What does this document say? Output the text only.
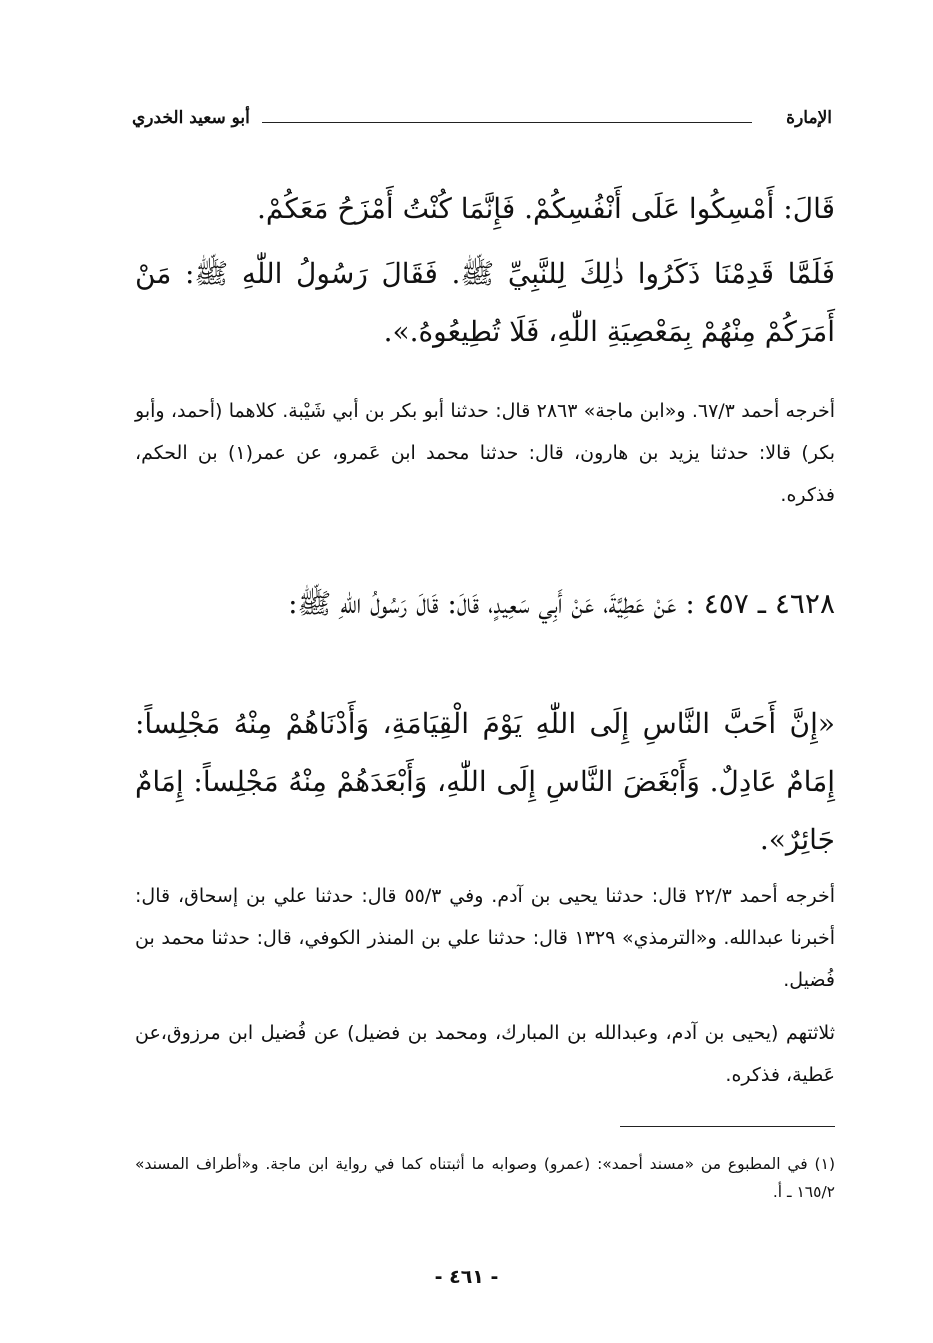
الإمارة
أبو سعيد الخدري
قَالَ: أَمْسِكُوا عَلَى أَنْفُسِكُمْ. فَإِنَّمَا كُنْتُ أَمْزَحُ مَعَكُمْ.
فَلَمَّا قَدِمْنَا ذَكَرُوا ذٰلِكَ لِلنَّبِيِّ ﷺ. فَقَالَ رَسُولُ اللّٰهِ ﷺ: مَنْ أَمَرَكُمْ مِنْهُمْ بِمَعْصِيَةِ اللّٰهِ، فَلَا تُطِيعُوهُ.».
أخرجه أحمد ٦٧/٣. و«ابن ماجة» ٢٨٦٣ قال: حدثنا أبو بكر بن أبي شَيْبة. كلاهما (أحمد، وأبو بكر) قالا: حدثنا يزيد بن هارون، قال: حدثنا محمد ابن عَمرو، عن عمر(١) بن الحكم، فذكره.
٤٦٢٨ ـ ٤٥٧ : عَنْ عَطِيَّةَ، عَنْ أَبِي سَعِيدٍ، قَالَ: قَالَ رَسُولُ اللّٰهِ ﷺ:
«إِنَّ أَحَبَّ النَّاسِ إِلَى اللّٰهِ يَوْمَ الْقِيَامَةِ، وَأَدْنَاهُمْ مِنْهُ مَجْلِساً: إِمَامٌ عَادِلٌ. وَأَبْغَضَ النَّاسِ إِلَى اللّٰهِ، وَأَبْعَدَهُمْ مِنْهُ مَجْلِساً: إِمَامٌ جَائِرٌ».
أخرجه أحمد ٢٢/٣ قال: حدثنا يحيى بن آدم. وفي ٥٥/٣ قال: حدثنا علي بن إسحاق، قال: أخبرنا عبدالله. و«الترمذي» ١٣٢٩ قال: حدثنا علي بن المنذر الكوفي، قال: حدثنا محمد بن فُضيل.
ثلاثتهم (يحيى بن آدم، وعبدالله بن المبارك، ومحمد بن فضيل) عن فُضيل ابن مرزوق،عن عَطية، فذكره.
(١) في المطبوع من «مسند أحمد»: (عمرو) وصوابه ما أثبتناه كما في رواية ابن ماجة. و«أطراف المسند» ١٦٥/٢ ـ أ.
- ٤٦١ -
